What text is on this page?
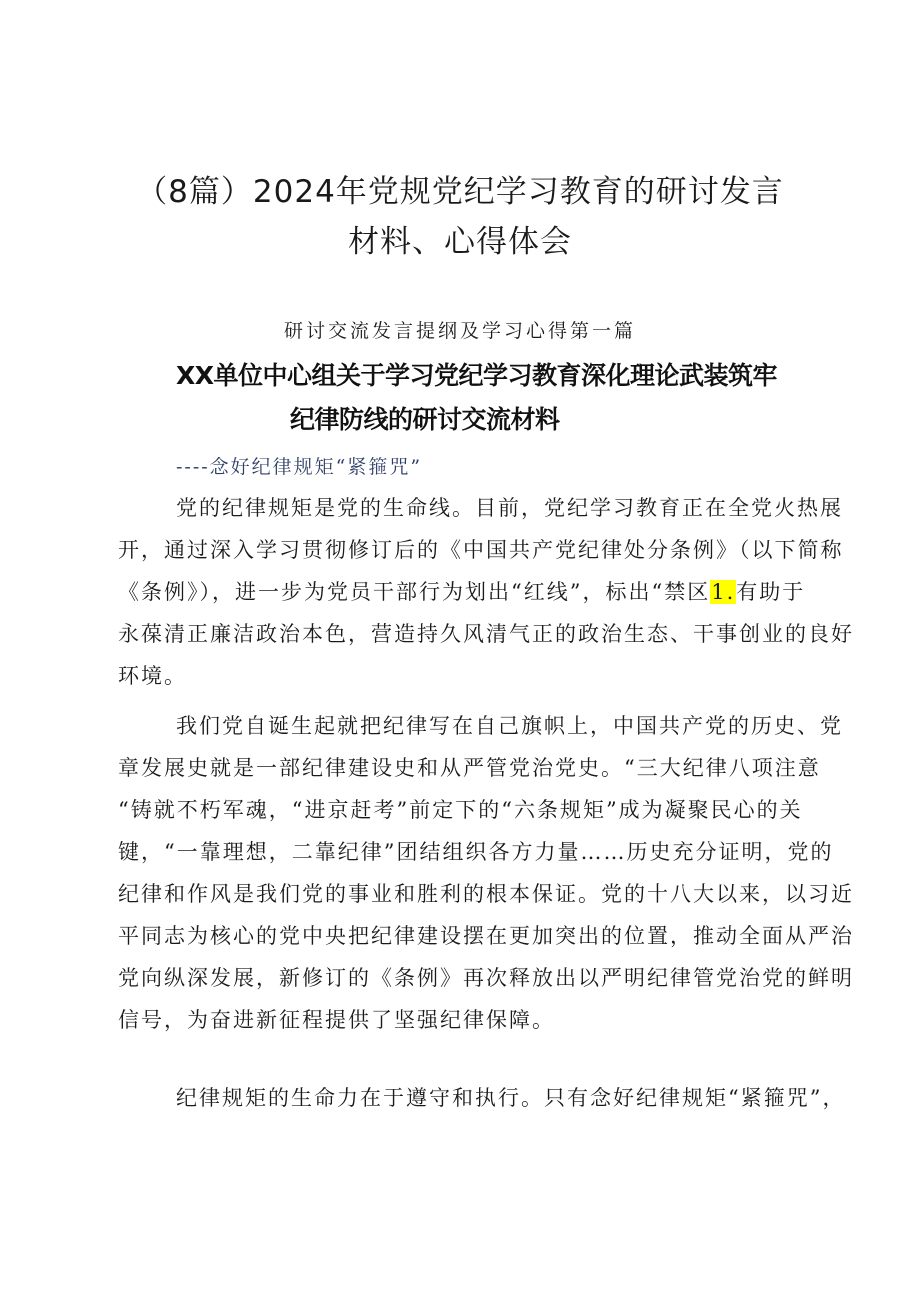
（8篇）2024年党规党纪学习教育的研讨发言
材料、心得体会
研讨交流发言提纲及学习心得第一篇
XX单位中心组关于学习党纪学习教育深化理论武装筑牢
纪律防线的研讨交流材料
----念好纪律规矩“紧箍咒”
党的纪律规矩是党的生命线。目前，党纪学习教育正在全党火热展
开，通过深入学习贯彻修订后的《中国共产党纪律处分条例》（以下简称
《条例》），进一步为党员干部行为划出“红线”，标出“禁区1.有助于
永葆清正廉洁政治本色，营造持久风清气正的政治生态、干事创业的良好
环境。
我们党自诞生起就把纪律写在自己旗帜上，中国共产党的历史、党
章发展史就是一部纪律建设史和从严管党治党史。“三大纪律八项注意
“铸就不朽军魂，“进京赶考”前定下的“六条规矩”成为凝聚民心的关
键，“一靠理想，二靠纪律”团结组织各方力量……历史充分证明，党的
纪律和作风是我们党的事业和胜利的根本保证。党的十八大以来，以习近
平同志为核心的党中央把纪律建设摆在更加突出的位置，推动全面从严治
党向纵深发展，新修订的《条例》再次释放出以严明纪律管党治党的鲜明
信号，为奋进新征程提供了坚强纪律保障。
纪律规矩的生命力在于遵守和执行。只有念好纪律规矩“紧箍咒”，
